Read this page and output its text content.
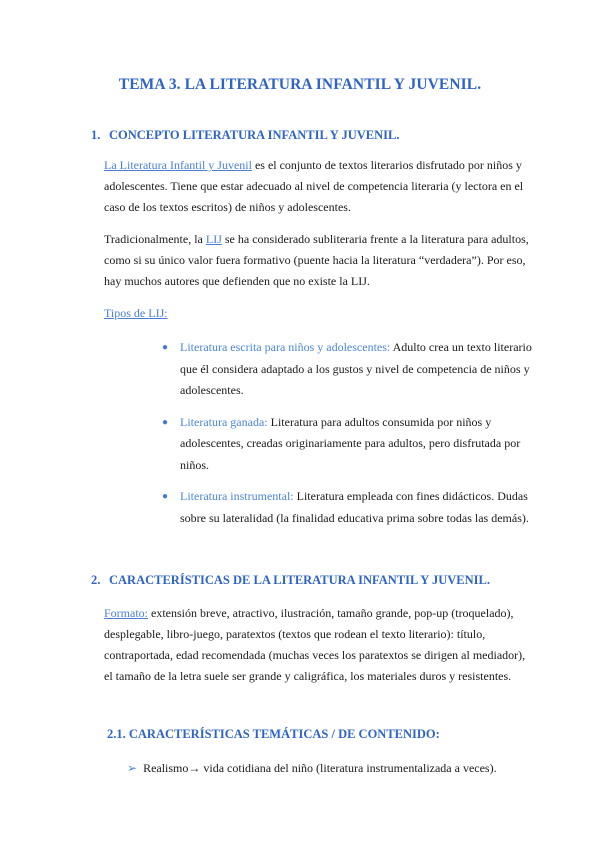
TEMA 3. LA LITERATURA INFANTIL Y JUVENIL.

1. CONCEPTO LITERATURA INFANTIL Y JUVENIL.

La Literatura Infantil y Juvenil es el conjunto de textos literarios disfrutado por niños y adolescentes. Tiene que estar adecuado al nivel de competencia literaria (y lectora en el caso de los textos escritos) de niños y adolescentes.

Tradicionalmente, la LIJ se ha considerado subliteraria frente a la literatura para adultos, como si su único valor fuera formativo (puente hacia la literatura “verdadera”). Por eso, hay muchos autores que defienden que no existe la LIJ.

Tipos de LIJ:

● Literatura escrita para niños y adolescentes: Adulto crea un texto literario que él considera adaptado a los gustos y nivel de competencia de niños y adolescentes.
● Literatura ganada: Literatura para adultos consumida por niños y adolescentes, creadas originariamente para adultos, pero disfrutada por niños.
● Literatura instrumental: Literatura empleada con fines didácticos. Dudas sobre su lateralidad (la finalidad educativa prima sobre todas las demás).

2. CARACTERÍSTICAS DE LA LITERATURA INFANTIL Y JUVENIL.

Formato: extensión breve, atractivo, ilustración, tamaño grande, pop-up (troquelado), desplegable, libro-juego, paratextos (textos que rodean el texto literario): título, contraportada, edad recomendada (muchas veces los paratextos se dirigen al mediador), el tamaño de la letra suele ser grande y caligráfica, los materiales duros y resistentes.

2.1. CARACTERÍSTICAS TEMÁTICAS / DE CONTENIDO:

➢ Realismo→ vida cotidiana del niño (literatura instrumentalizada a veces).
